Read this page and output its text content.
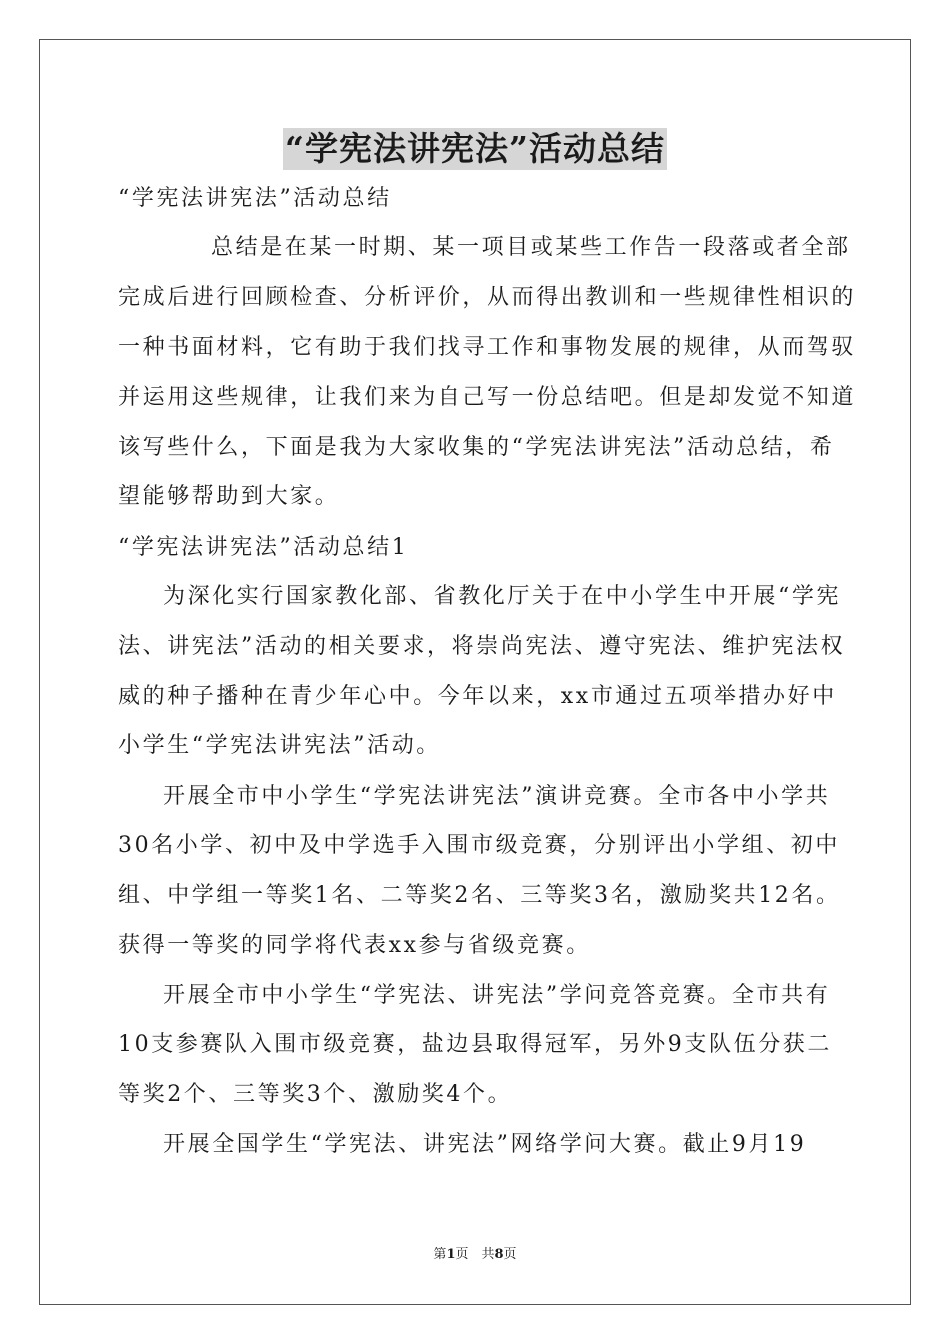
“学宪法讲宪法”活动总结
“学宪法讲宪法”活动总结
总结是在某一时期、某一项目或某些工作告一段落或者全部
完成后进行回顾检查、分析评价，从而得出教训和一些规律性相识的
一种书面材料，它有助于我们找寻工作和事物发展的规律，从而驾驭
并运用这些规律，让我们来为自己写一份总结吧。但是却发觉不知道
该写些什么，下面是我为大家收集的“学宪法讲宪法”活动总结，希
望能够帮助到大家。
“学宪法讲宪法”活动总结1
为深化实行国家教化部、省教化厅关于在中小学生中开展“学宪
法、讲宪法”活动的相关要求，将崇尚宪法、遵守宪法、维护宪法权
威的种子播种在青少年心中。今年以来，xx市通过五项举措办好中
小学生“学宪法讲宪法”活动。
开展全市中小学生“学宪法讲宪法”演讲竞赛。全市各中小学共
30名小学、初中及中学选手入围市级竞赛，分别评出小学组、初中
组、中学组一等奖1名、二等奖2名、三等奖3名，激励奖共12名。
获得一等奖的同学将代表xx参与省级竞赛。
开展全市中小学生“学宪法、讲宪法”学问竞答竞赛。全市共有
10支参赛队入围市级竞赛，盐边县取得冠军，另外9支队伍分获二
等奖2个、三等奖3个、激励奖4个。
开展全国学生“学宪法、讲宪法”网络学问大赛。截止9月19
第1页　共8页
